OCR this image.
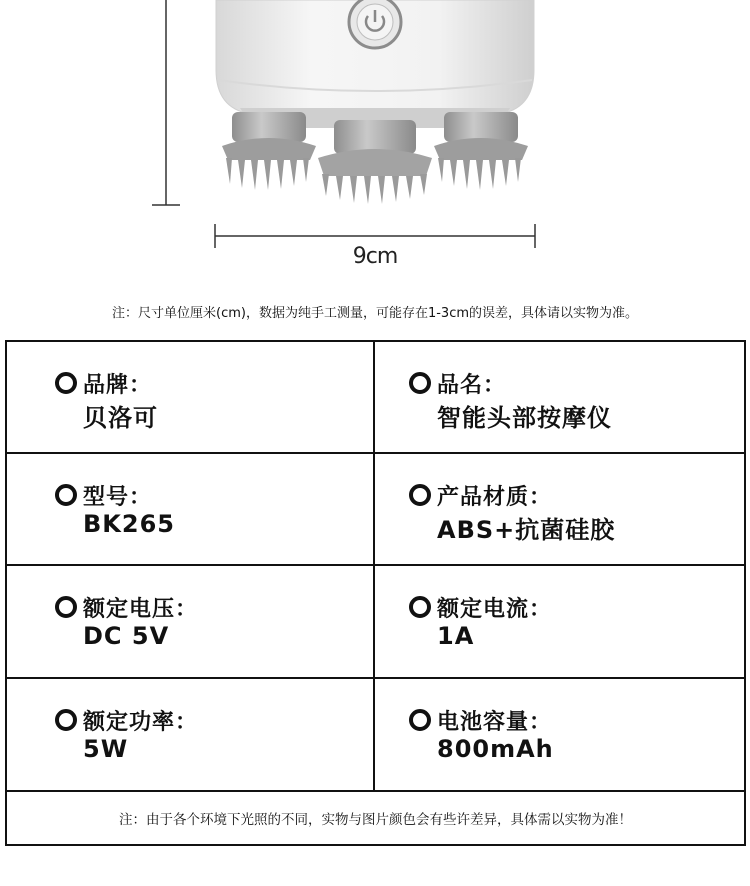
9cm
注：尺寸单位厘米(cm)，数据为纯手工测量，可能存在1-3cm的误差，具体请以实物为准。
品牌：
贝洛可
品名：
智能头部按摩仪
型号：
BK265
产品材质：
ABS+抗菌硅胶
额定电压：
DC 5V
额定电流：
1A
额定功率：
5W
电池容量：
800mAh
注：由于各个环境下光照的不同，实物与图片颜色会有些许差异，具体需以实物为准！
